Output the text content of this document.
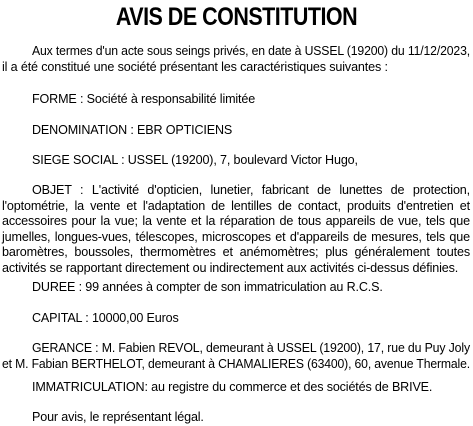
AVIS DE CONSTITUTION
Aux termes d'un acte sous seings privés, en date à USSEL (19200) du 11/12/2023,
il a été constitué une société présentant les caractéristiques suivantes :
FORME : Société à responsabilité limitée
DENOMINATION : EBR OPTICIENS
SIEGE SOCIAL : USSEL (19200), 7, boulevard Victor Hugo,
OBJET : L'activité d'opticien, lunetier, fabricant de lunettes de protection,
l'optométrie, la vente et l'adaptation de lentilles de contact, produits d'entretien et
accessoires pour la vue; la vente et la réparation de tous appareils de vue, tels que
jumelles, longues-vues, télescopes, microscopes et d'appareils de mesures, tels que
baromètres, boussoles, thermomètres et anémomètres; plus généralement toutes
activités se rapportant directement ou indirectement aux activités ci-dessus définies.
DUREE : 99 années à compter de son immatriculation au R.C.S.
CAPITAL : 10000,00 Euros
GERANCE : M. Fabien REVOL, demeurant à USSEL (19200), 17, rue du Puy Joly
et M. Fabian BERTHELOT, demeurant à CHAMALIERES (63400), 60, avenue Thermale.
IMMATRICULATION: au registre du commerce et des sociétés de BRIVE.
Pour avis, le représentant légal.
